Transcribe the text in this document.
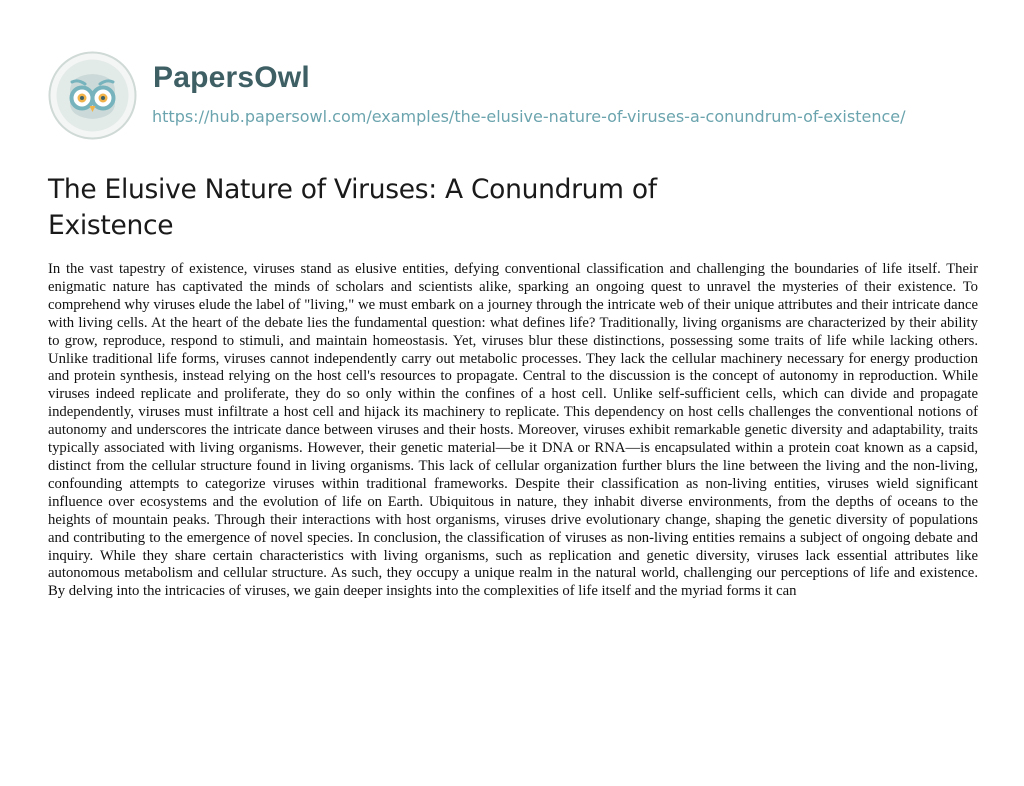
PapersOwl
https://hub.papersowl.com/examples/the-elusive-nature-of-viruses-a-conundrum-of-existence/
The Elusive Nature of Viruses: A Conundrum of Existence

In the vast tapestry of existence, viruses stand as elusive entities, defying conventional classification and challenging the boundaries of life itself. Their enigmatic nature has captivated the minds of scholars and scientists alike, sparking an ongoing quest to unravel the mysteries of their existence. To comprehend why viruses elude the label of "living," we must embark on a journey through the intricate web of their unique attributes and their intricate dance with living cells. At the heart of the debate lies the fundamental question: what defines life? Traditionally, living organisms are characterized by their ability to grow, reproduce, respond to stimuli, and maintain homeostasis. Yet, viruses blur these distinctions, possessing some traits of life while lacking others. Unlike traditional life forms, viruses cannot independently carry out metabolic processes. They lack the cellular machinery necessary for energy production and protein synthesis, instead relying on the host cell's resources to propagate. Central to the discussion is the concept of autonomy in reproduction. While viruses indeed replicate and proliferate, they do so only within the confines of a host cell. Unlike self-sufficient cells, which can divide and propagate independently, viruses must infiltrate a host cell and hijack its machinery to replicate. This dependency on host cells challenges the conventional notions of autonomy and underscores the intricate dance between viruses and their hosts. Moreover, viruses exhibit remarkable genetic diversity and adaptability, traits typically associated with living organisms. However, their genetic material—be it DNA or RNA—is encapsulated within a protein coat known as a capsid, distinct from the cellular structure found in living organisms. This lack of cellular organization further blurs the line between the living and the non-living, confounding attempts to categorize viruses within traditional frameworks. Despite their classification as non-living entities, viruses wield significant influence over ecosystems and the evolution of life on Earth. Ubiquitous in nature, they inhabit diverse environments, from the depths of oceans to the heights of mountain peaks. Through their interactions with host organisms, viruses drive evolutionary change, shaping the genetic diversity of populations and contributing to the emergence of novel species. In conclusion, the classification of viruses as non-living entities remains a subject of ongoing debate and inquiry. While they share certain characteristics with living organisms, such as replication and genetic diversity, viruses lack essential attributes like autonomous metabolism and cellular structure. As such, they occupy a unique realm in the natural world, challenging our perceptions of life and existence. By delving into the intricacies of viruses, we gain deeper insights into the complexities of life itself and the myriad forms it can
